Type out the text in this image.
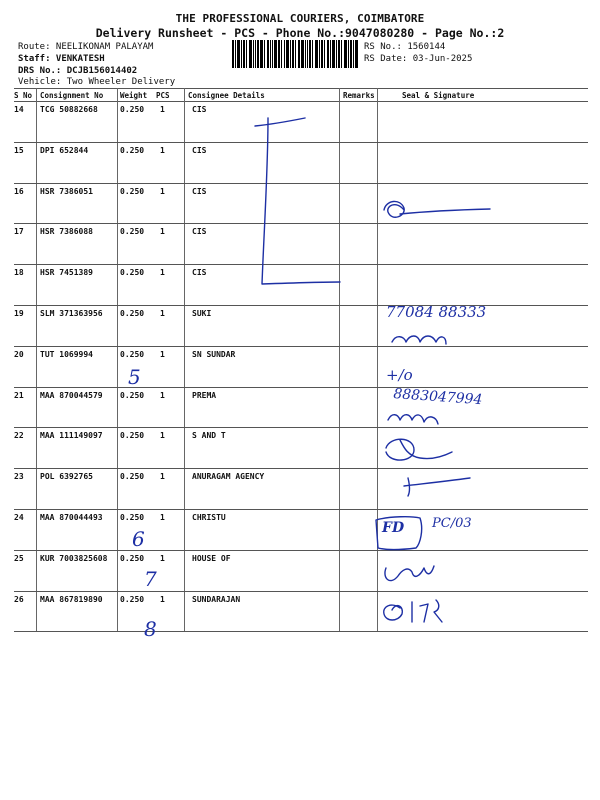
THE PROFESSIONAL COURIERS, COIMBATORE
Delivery Runsheet - PCS - Phone No.:9047080280 - Page No.:2
Route: NEELIKONAM PALAYAM
Staff: VENKATESH
DRS No.: DCJB156014402
Vehicle: Two Wheeler Delivery
RS No.: 1560144
RS Date: 03-Jun-2025
S No Consignment No Weight PCS Consignee Details	Remarks	Seal & Signature
14 TCG 50882668	0.250 1	CIS
15 DPI 652844	0.250 1	CIS
16 HSR 7386051	0.250 1	CIS
17 HSR 7386088	0.250 1	CIS
18 HSR 7451389	0.250 1	CIS
19 SLM 371363956 0.250 1	SUKI
20 TUT 1069994	0.250 1	SN SUNDAR
21 MAA 870044579 0.250 1	PREMA
22 MAA 111149097 0.250 1	S AND T
23 POL 6392765	0.250 1	ANURAGAM AGENCY
24 MAA 870044493 0.250 1	CHRISTU
25 KUR 7003825608 0.250 1	HOUSE OF
26 MAA 867819890 0.250 1	SUNDARAJAN
5
6
7
8
77084 88333
+/o
8883047994
FD PC/03
